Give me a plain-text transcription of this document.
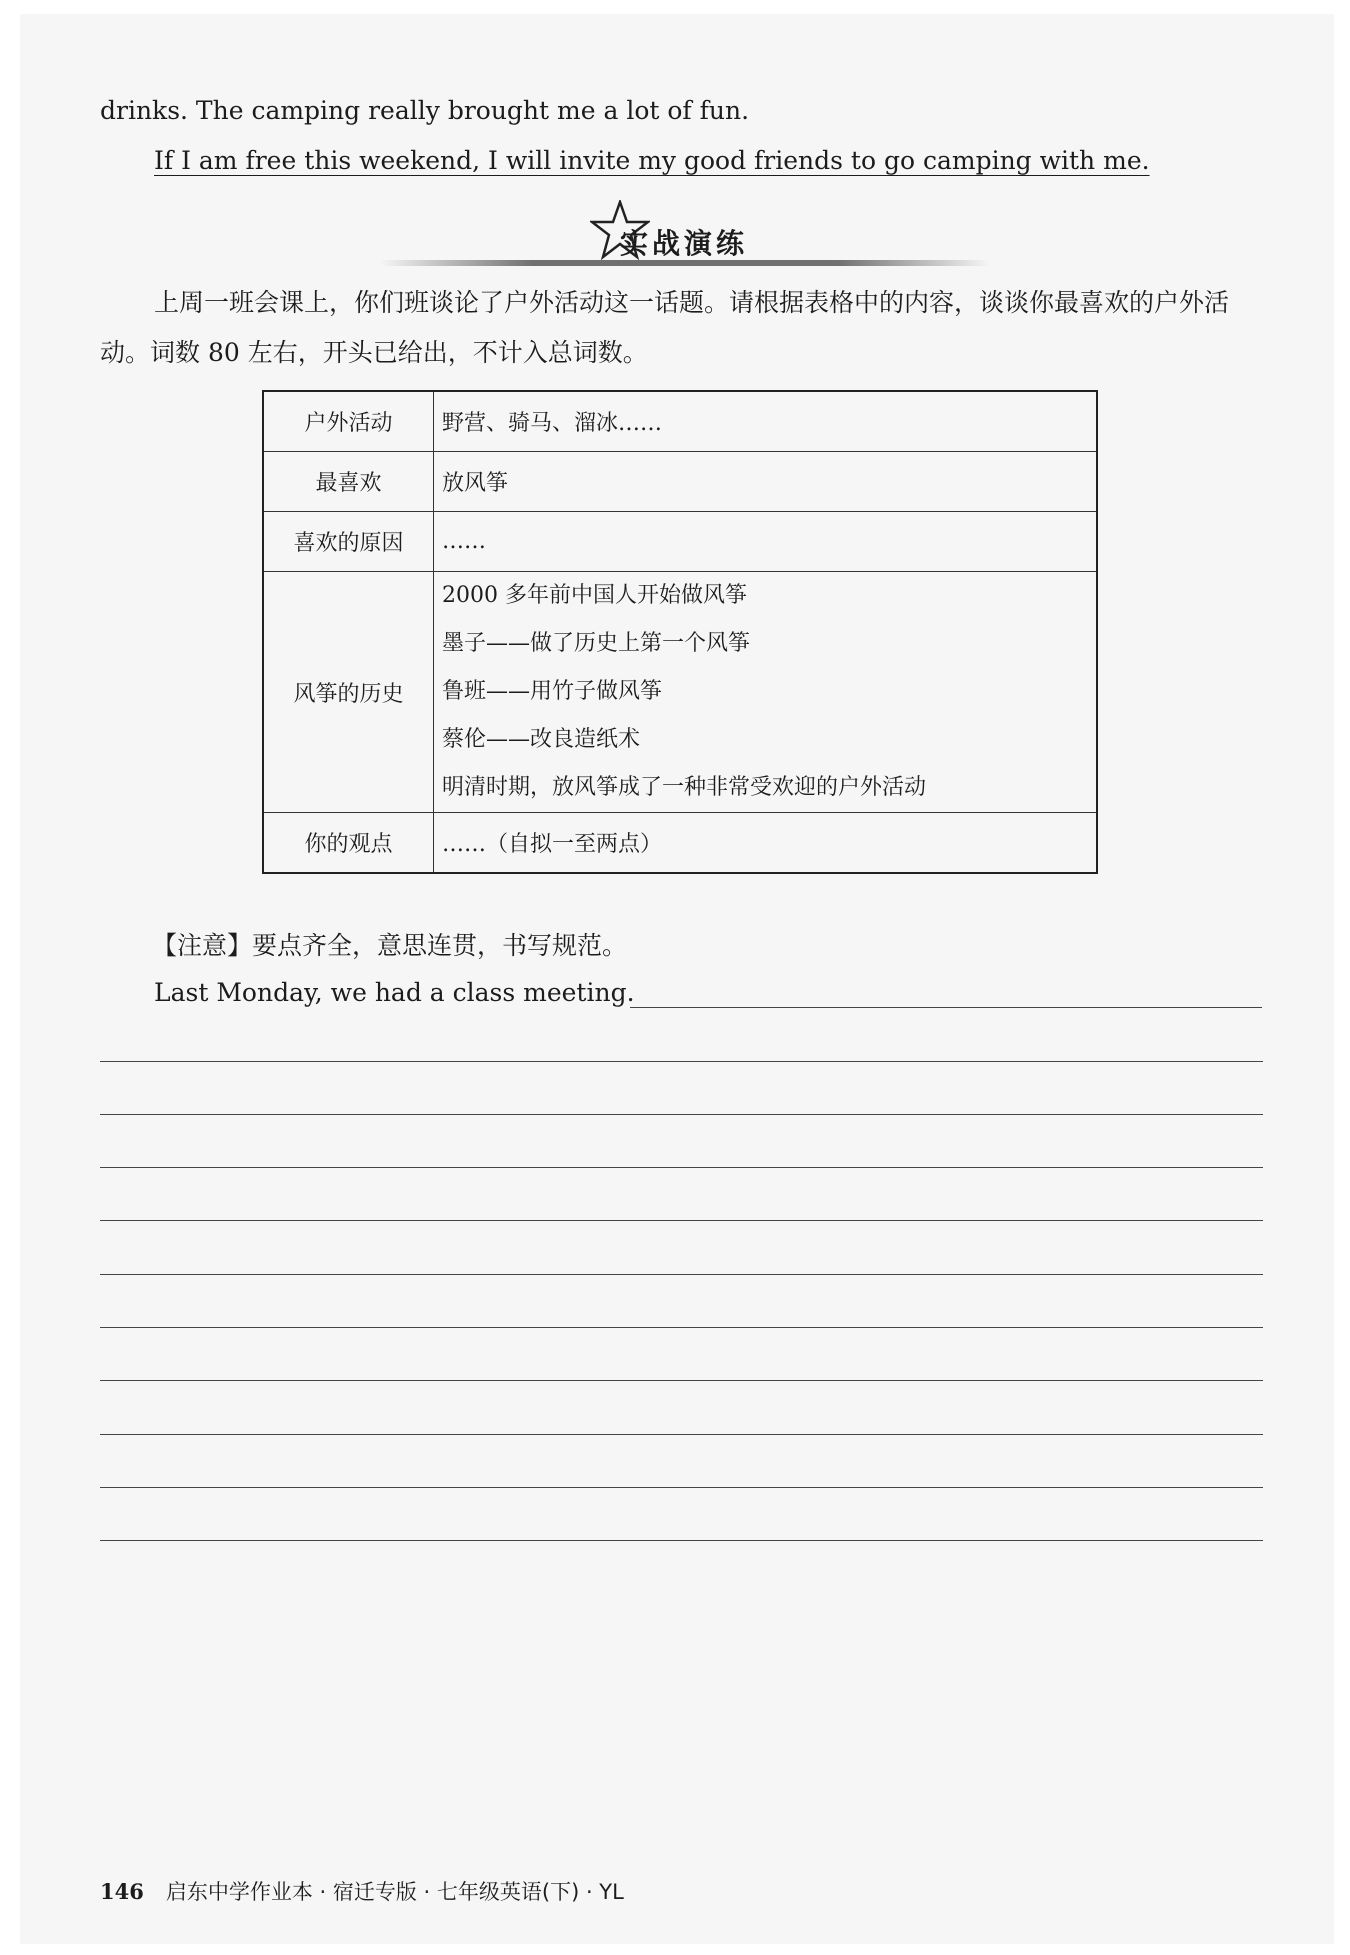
drinks. The camping really brought me a lot of fun.
If I am free this weekend, I will invite my good friends to go camping with me.
实战演练
上周一班会课上，你们班谈论了户外活动这一话题。请根据表格中的内容，谈谈你最喜欢的户外活动。词数 80 左右，开头已给出，不计入总词数。
户外活动	野营、骑马、溜冰……
最喜欢	放风筝
喜欢的原因	……
风筝的历史	2000 多年前中国人开始做风筝
墨子——做了历史上第一个风筝
鲁班——用竹子做风筝
蔡伦——改良造纸术
明清时期，放风筝成了一种非常受欢迎的户外活动

你的观点	……（自拟一至两点）
【注意】要点齐全，意思连贯，书写规范。
Last Monday, we had a class meeting.
146 启东中学作业本 · 宿迁专版 · 七年级英语(下) · YL
